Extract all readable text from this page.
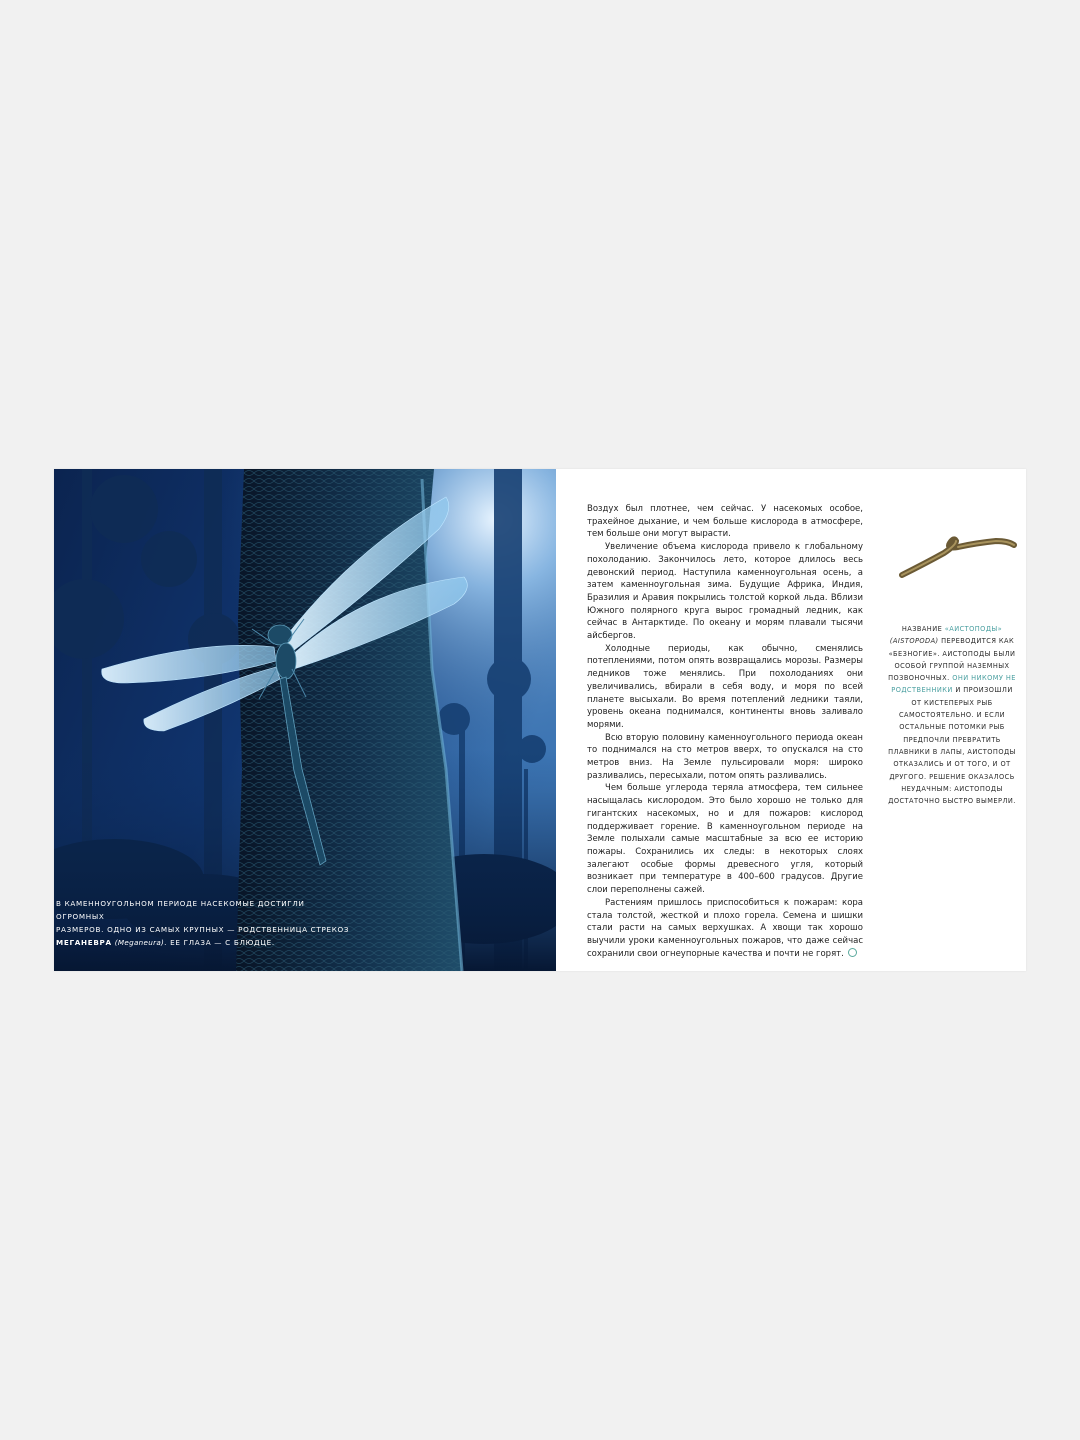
В КАМЕННОУГОЛЬНОМ ПЕРИОДЕ НАСЕКОМЫЕ ДОСТИГЛИ ОГРОМНЫХ
РАЗМЕРОВ. ОДНО ИЗ САМЫХ КРУПНЫХ — РОДСТВЕННИЦА СТРЕКОЗ
МЕГАНЕВРА (Meganeura). ЕЕ ГЛАЗА — С БЛЮДЦЕ.

Воздух был плотнее, чем сейчас. У насекомых особое, трахейное дыхание, и чем больше кислорода в атмосфере, тем больше они могут вырасти.

Увеличение объема кислорода привело к глобальному похолоданию. Закончилось лето, которое длилось весь девонский период. Наступила каменноугольная осень, а затем каменноугольная зима. Будущие Африка, Индия, Бразилия и Аравия покрылись толстой коркой льда. Вблизи Южного полярного круга вырос громадный ледник, как сейчас в Антарктиде. По океану и морям плавали тысячи айсбергов.

Холодные периоды, как обычно, сменялись потеплениями, потом опять возвращались морозы. Размеры ледников тоже менялись. При похолоданиях они увеличивались, вбирали в себя воду, и моря по всей планете высыхали. Во время потеплений ледники таяли, уровень океана поднимался, континенты вновь заливало морями.

Всю вторую половину каменноугольного периода океан то поднимался на сто метров вверх, то опускался на сто метров вниз. На Земле пульсировали моря: широко разливались, пересыхали, потом опять разливались.

Чем больше углерода теряла атмосфера, тем сильнее насыщалась кислородом. Это было хорошо не только для гигантских насекомых, но и для пожаров: кислород поддерживает горение. В каменноугольном периоде на Земле полыхали самые масштабные за всю ее историю пожары. Сохранились их следы: в некоторых слоях залегают особые формы древесного угля, который возникает при температуре в 400–600 градусов. Другие слои переполнены сажей.

Растениям пришлось приспособиться к пожарам: кора стала толстой, жесткой и плохо горела. Семена и шишки стали расти на самых верхушках. А хвощи так хорошо выучили уроки каменноугольных пожаров, что даже сейчас сохранили свои огнеупорные качества и почти не горят.

НАЗВАНИЕ «АИСТОПОДЫ» (AISTOPODA) ПЕРЕВОДИТСЯ КАК «БЕЗНОГИЕ». АИСТОПОДЫ БЫЛИ ОСОБОЙ ГРУППОЙ НАЗЕМНЫХ ПОЗВОНОЧНЫХ. ОНИ НИКОМУ НЕ РОДСТВЕННИКИ И ПРОИЗОШЛИ ОТ КИСТЕПЕРЫХ РЫБ САМОСТОЯТЕЛЬНО. И ЕСЛИ ОСТАЛЬНЫЕ ПОТОМКИ РЫБ ПРЕДПОЧЛИ ПРЕВРАТИТЬ ПЛАВНИКИ В ЛАПЫ, АИСТОПОДЫ ОТКАЗАЛИСЬ И ОТ ТОГО, И ОТ ДРУГОГО. РЕШЕНИЕ ОКАЗАЛОСЬ НЕУДАЧНЫМ: АИСТОПОДЫ ДОСТАТОЧНО БЫСТРО ВЫМЕРЛИ.
